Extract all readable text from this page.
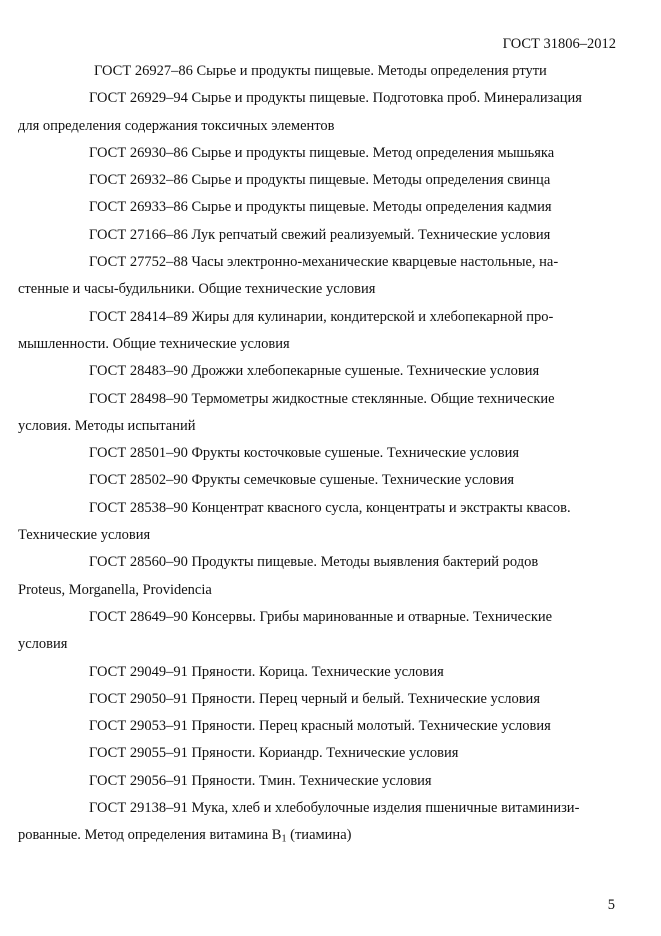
ГОСТ 31806–2012

ГОСТ 26927–86 Сырье и продукты пищевые. Методы определения ртути

ГОСТ 26929–94 Сырье и продукты пищевые. Подготовка проб. Минерализация
для определения содержания токсичных элементов

ГОСТ 26930–86 Сырье и продукты пищевые. Метод определения мышьяка

ГОСТ 26932–86 Сырье и продукты пищевые. Методы определения свинца

ГОСТ 26933–86 Сырье и продукты пищевые. Методы определения кадмия

ГОСТ 27166–86 Лук репчатый свежий реализуемый. Технические условия

ГОСТ 27752–88 Часы электронно-механические кварцевые настольные, на-
стенные и часы-будильники. Общие технические условия

ГОСТ 28414–89 Жиры для кулинарии, кондитерской и хлебопекарной про-
мышленности. Общие технические условия

ГОСТ 28483–90 Дрожжи хлебопекарные сушеные. Технические условия

ГОСТ 28498–90 Термометры жидкостные стеклянные. Общие технические
условия. Методы испытаний

ГОСТ 28501–90 Фрукты косточковые сушеные. Технические условия

ГОСТ 28502–90 Фрукты семечковые сушеные. Технические условия

ГОСТ 28538–90 Концентрат квасного сусла, концентраты и экстракты квасов.
Технические условия

ГОСТ 28560–90 Продукты пищевые. Методы выявления бактерий родов
Proteus, Morganella, Providencia

ГОСТ 28649–90 Консервы. Грибы маринованные и отварные. Технические
условия

ГОСТ 29049–91 Пряности. Корица. Технические условия

ГОСТ 29050–91 Пряности. Перец черный и белый. Технические условия

ГОСТ 29053–91 Пряности. Перец красный молотый. Технические условия

ГОСТ 29055–91 Пряности. Кориандр. Технические условия

ГОСТ 29056–91 Пряности. Тмин. Технические условия

ГОСТ 29138–91 Мука, хлеб и хлебобулочные изделия пшеничные витаминизи-
рованные. Метод определения витамина $В_1$ (тиамина)

5
